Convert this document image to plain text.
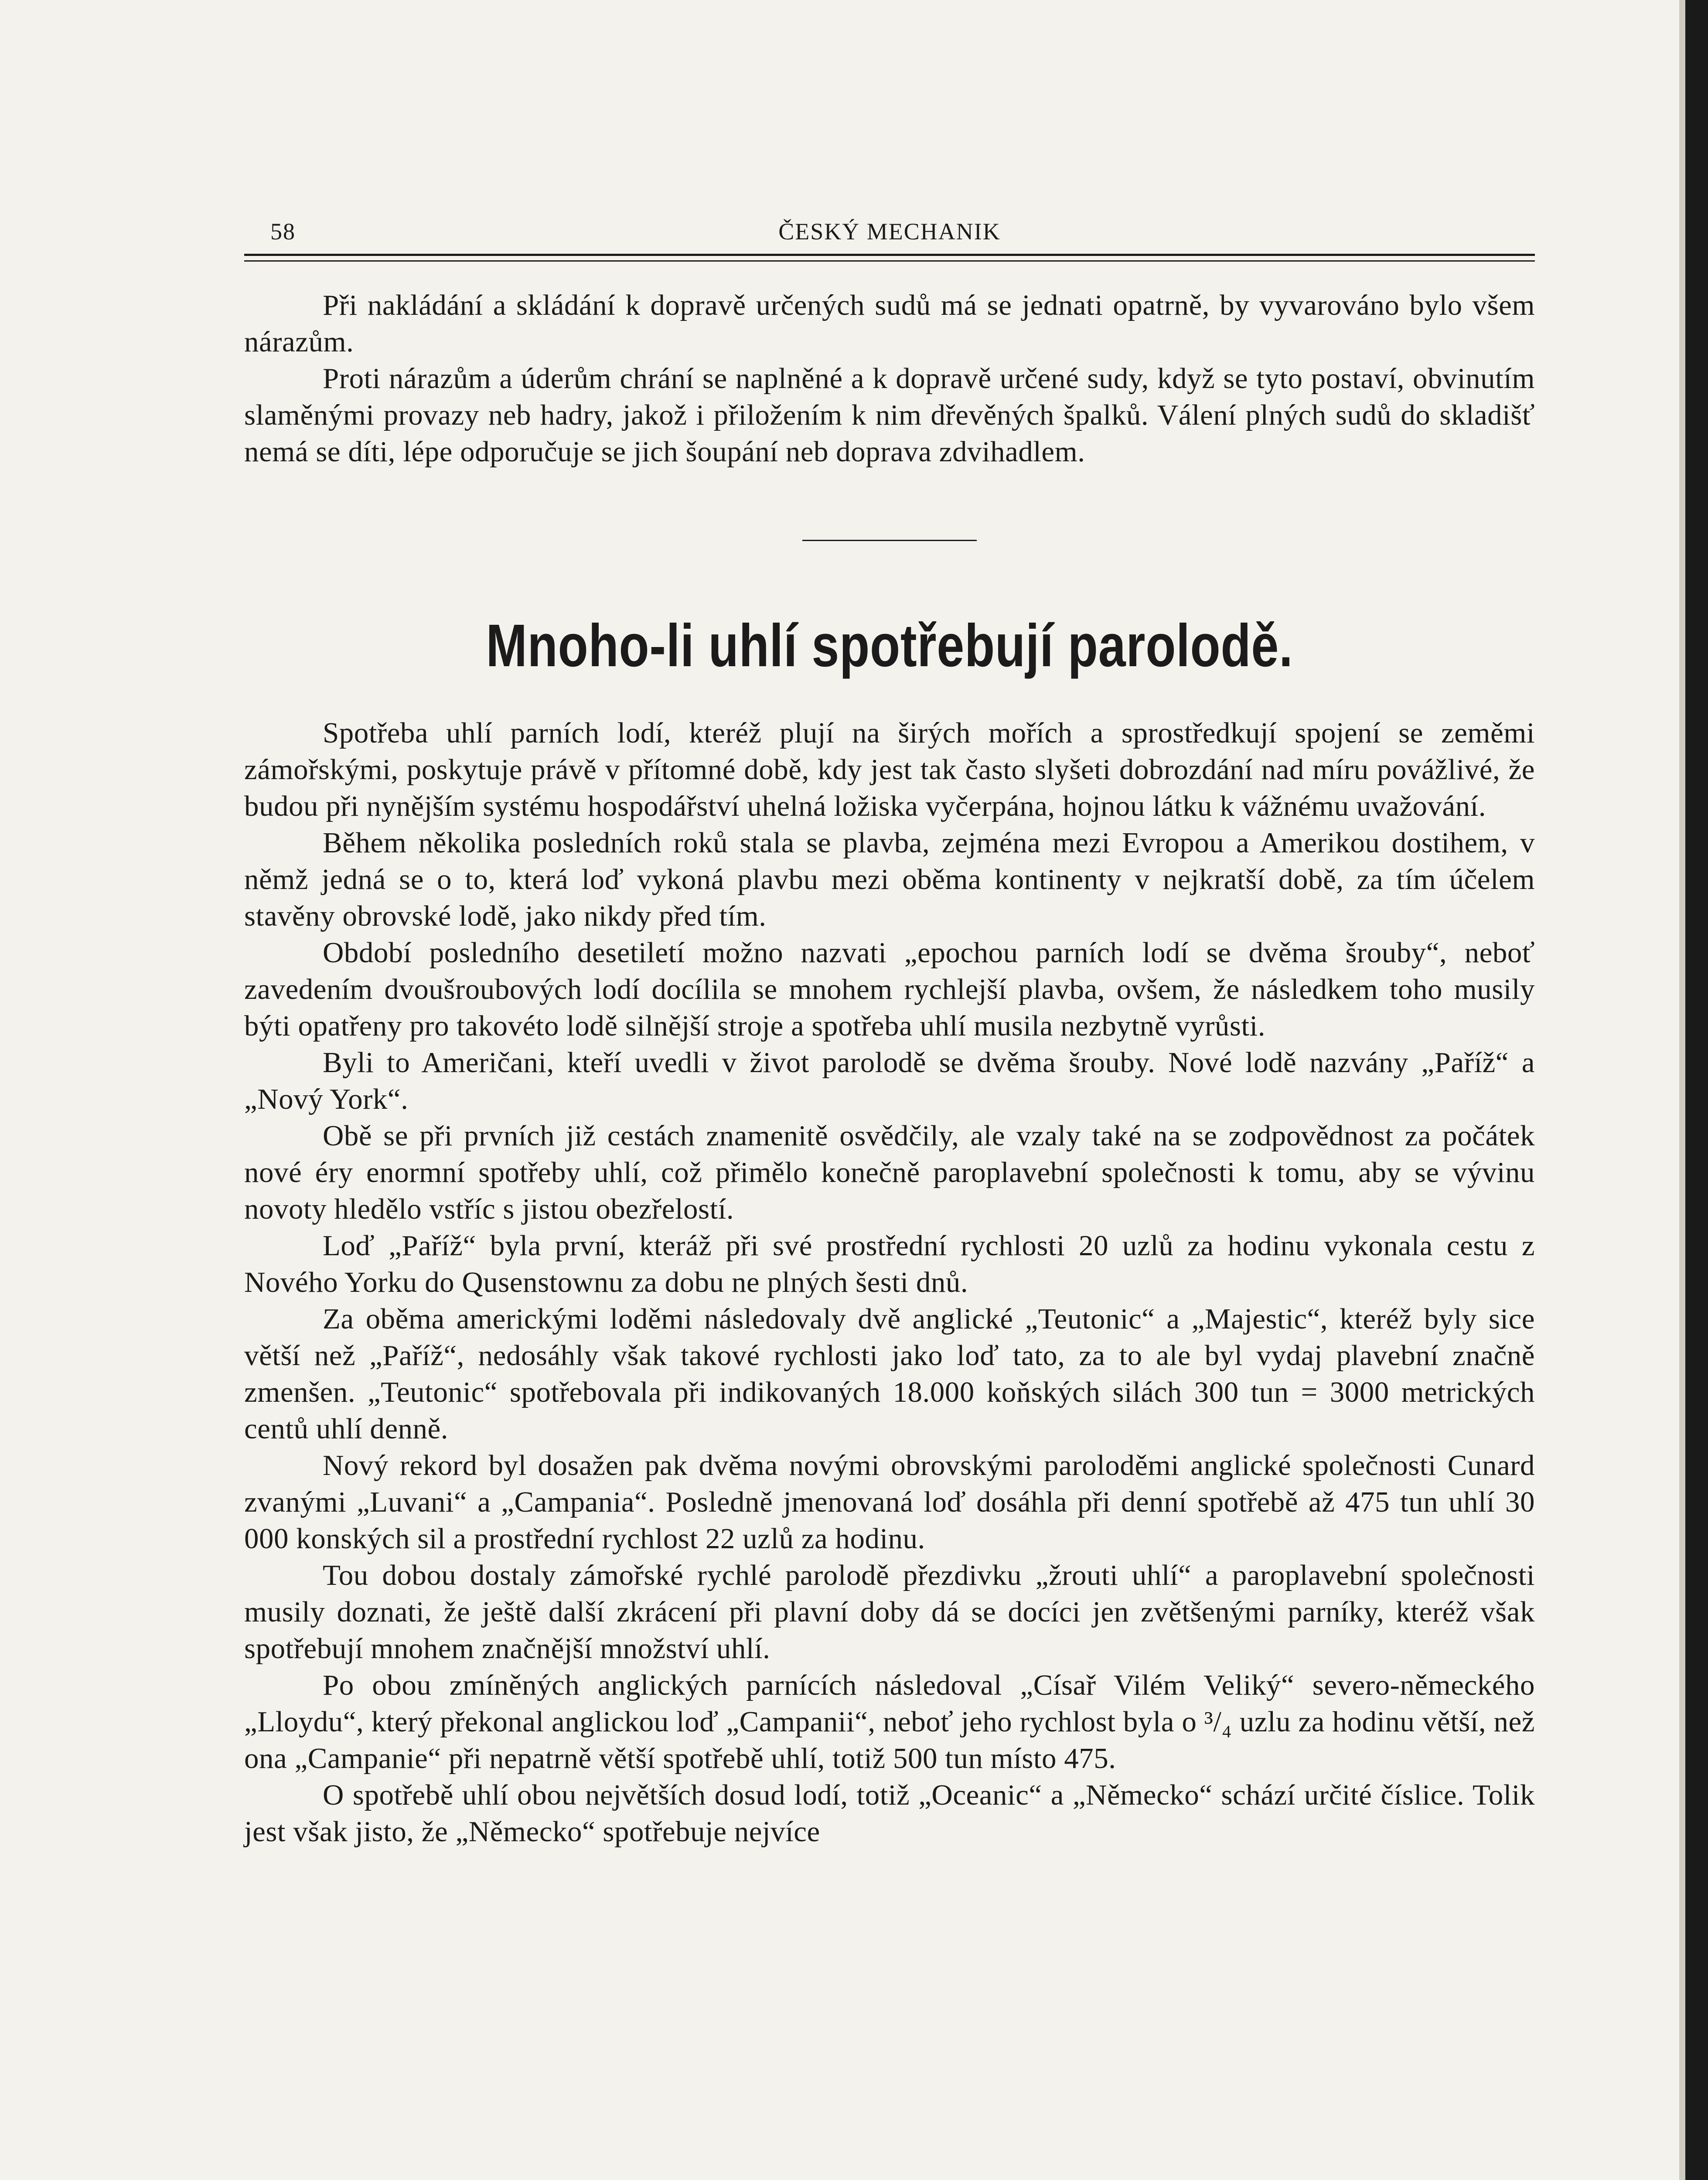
58	ČESKÝ MECHANIK

Při nakládání a skládání k dopravě určených sudů má se jednati opatrně, by vyvarováno bylo všem nárazům.

Proti nárazům a úderům chrání se naplněné a k dopravě určené sudy, když se tyto postaví, obvinutím slaměnými provazy neb hadry, jakož i přiložením k nim dřevěných špalků. Válení plných sudů do skladišť nemá se díti, lépe odporučuje se jich šoupání neb doprava zdvihadlem.

Mnoho-li uhlí spotřebují parolodě.

Spotřeba uhlí parních lodí, kteréž plují na širých mořích a sprostředkují spojení se zeměmi zámořskými, poskytuje právě v přítomné době, kdy jest tak často slyšeti dobrozdání nad míru povážlivé, že budou při nynějším systému hospodářství uhelná ložiska vyčerpána, hojnou látku k vážnému uvažování.

Během několika posledních roků stala se plavba, zejména mezi Evropou a Amerikou dostihem, v němž jedná se o to, která loď vykoná plavbu mezi oběma kontinenty v nejkratší době, za tím účelem stavěny obrovské lodě, jako nikdy před tím.

Období posledního desetiletí možno nazvati „epochou parních lodí se dvěma šrouby“, neboť zavedením dvoušroubových lodí docílila se mnohem rychlejší plavba, ovšem, že následkem toho musily býti opatřeny pro takovéto lodě silnější stroje a spotřeba uhlí musila nezbytně vyrůsti.

Byli to Američani, kteří uvedli v život parolodě se dvěma šrouby. Nové lodě nazvány „Paříž“ a „Nový York“.

Obě se při prvních již cestách znamenitě osvědčily, ale vzaly také na se zodpovědnost za počátek nové éry enormní spotřeby uhlí, což přimělo konečně paroplavební společnosti k tomu, aby se vývinu novoty hledělo vstříc s jistou obezřelostí.

Loď „Paříž“ byla první, kteráž při své prostřední rychlosti 20 uzlů za hodinu vykonala cestu z Nového Yorku do Qusenstownu za dobu ne plných šesti dnů.

Za oběma americkými loděmi následovaly dvě anglické „Teutonic“ a „Majestic“, kteréž byly sice větší než „Paříž“, nedosáhly však takové rychlosti jako loď tato, za to ale byl vydaj plavební značně zmenšen. „Teutonic“ spotřebovala při indikovaných 18.000 koňských silách 300 tun = 3000 metrických centů uhlí denně.

Nový rekord byl dosažen pak dvěma novými obrovskými paroloděmi anglické společnosti Cunard zvanými „Luvani“ a „Campania“. Posledně jmenovaná loď dosáhla při denní spotřebě až 475 tun uhlí 30 000 konských sil a prostřední rychlost 22 uzlů za hodinu.

Tou dobou dostaly zámořské rychlé parolodě přezdivku „žrouti uhlí“ a paroplavební společnosti musily doznati, že ještě další zkrácení při plavní doby dá se docíci jen zvětšenými parníky, kteréž však spotřebují mnohem značnější množství uhlí.

Po obou zmíněných anglických parnících následoval „Císař Vilém Veliký“ severo-německého „Lloydu“, který překonal anglickou loď „Campanii“, neboť jeho rychlost byla o ³/₄ uzlu za hodinu větší, než ona „Campanie“ při nepatrně větší spotřebě uhlí, totiž 500 tun místo 475.

O spotřebě uhlí obou největších dosud lodí, totiž „Oceanic“ a „Německo“ schází určité číslice. Tolik jest však jisto, že „Německo“ spotřebuje nejvíce
